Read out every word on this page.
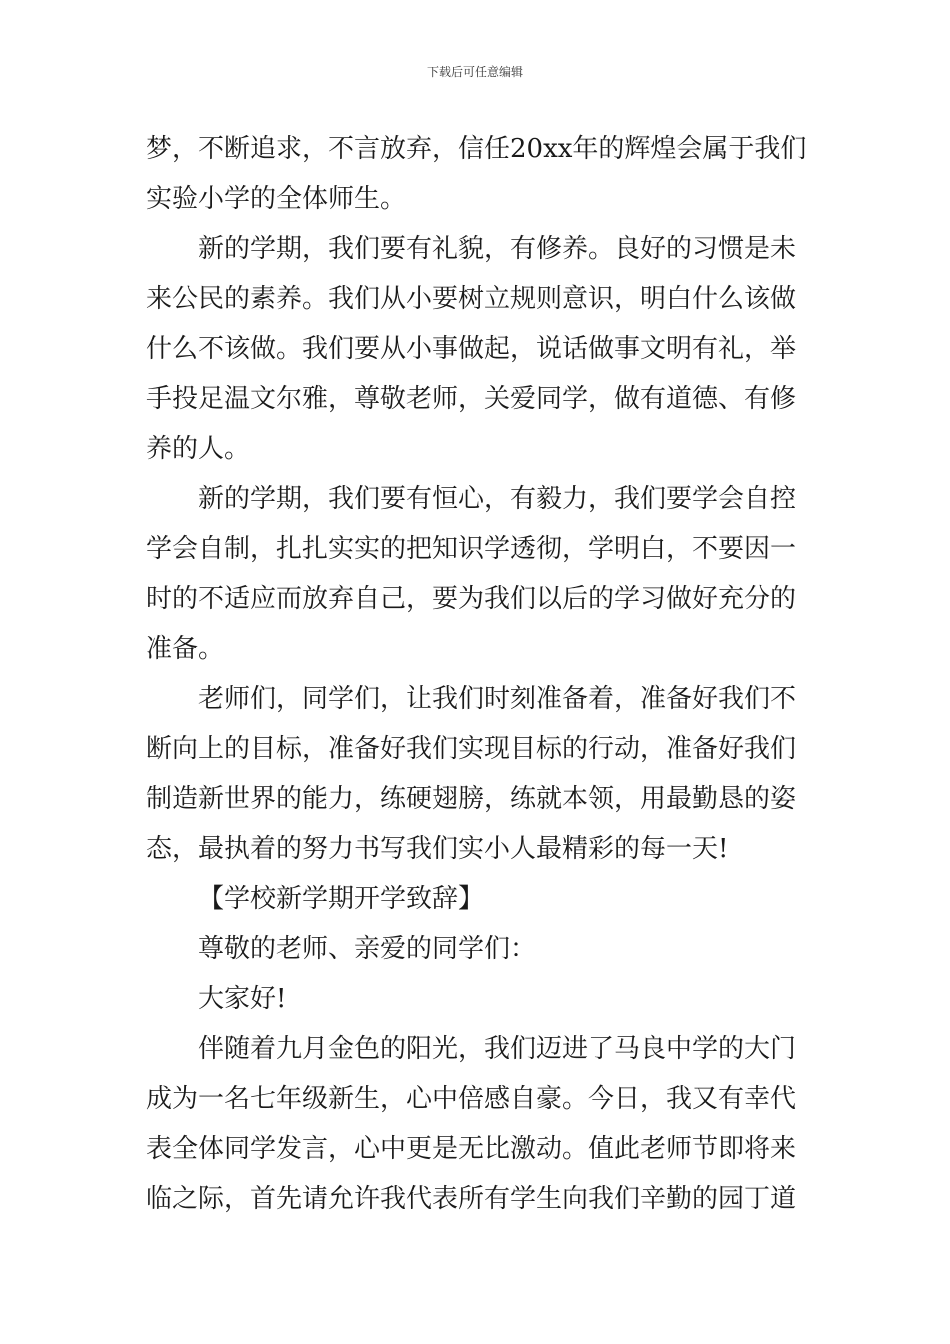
下载后可任意编辑
梦，不断追求，不言放弃，信任20xx年的辉煌会属于我们
实验小学的全体师生。
新的学期，我们要有礼貌，有修养。良好的习惯是未
来公民的素养。我们从小要树立规则意识，明白什么该做
什么不该做。我们要从小事做起，说话做事文明有礼，举
手投足温文尔雅，尊敬老师，关爱同学，做有道德、有修
养的人。
新的学期，我们要有恒心，有毅力，我们要学会自控
学会自制，扎扎实实的把知识学透彻，学明白，不要因一
时的不适应而放弃自己，要为我们以后的学习做好充分的
准备。
老师们，同学们，让我们时刻准备着，准备好我们不
断向上的目标，准备好我们实现目标的行动，准备好我们
制造新世界的能力，练硬翅膀，练就本领，用最勤恳的姿
态，最执着的努力书写我们实小人最精彩的每一天!
【学校新学期开学致辞】
尊敬的老师、亲爱的同学们：
大家好!
伴随着九月金色的阳光，我们迈进了马良中学的大门
成为一名七年级新生，心中倍感自豪。今日，我又有幸代
表全体同学发言，心中更是无比激动。值此老师节即将来
临之际，首先请允许我代表所有学生向我们辛勤的园丁道
